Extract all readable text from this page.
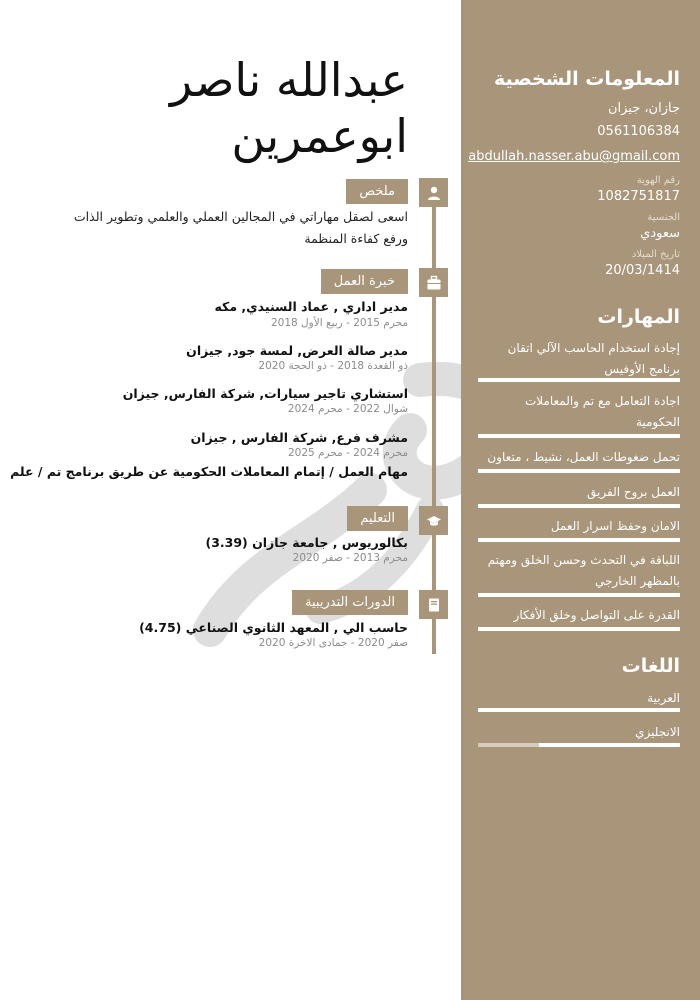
المعلومات الشخصية
جازان، جيزان
0561106384
abdullah.nasser.abu@gmail.com
رقم الهوية
1082751817
الجنسية
سعودي
تاريخ الميلاد
20/03/1414
المهارات
إجادة استخدام الحاسب الآلي اتقان برنامج الأوفيس
اجادة التعامل مع تم والمعاملات الحكومية
تحمل ضغوطات العمل، نشيط ، متعاون
العمل بروح الفريق
الامان وحفظ اسرار العمل
اللباقة في التحدث وحسن الخلق ومهتم بالمظهر الخارجي
القدرة على التواصل وخلق الأفكار
اللغات
العربية
الانجليزي
عبدالله ناصر
ابوعمرين
ملخص
اسعى لصقل مهاراتي في المجالين العملي والعلمي وتطوير الذات ورفع كفاءة المنظمة
خبرة العمل
مدير اداري , عماد السنيدي, مكه
محرم 2015 - ربيع الأول 2018
مدير صالة العرض, لمسة جود, جيزان
ذو القعدة 2018 - ذو الحجة 2020
استشاري تاجير سيارات, شركة الفارس, جيزان
شوال 2022 - محرم 2024
مشرف فرع, شركة الفارس , جيزان
محرم 2024 - محرم 2025
مهام العمل / إتمام المعاملات الحكومية عن طريق برنامج تم / علم
التعليم
بكالوريوس , جامعة جازان (3.39)
محرم 2013 - صفر 2020
الدورات التدريبية
حاسب الي , المعهد الثانوي الصناعي (4.75)
صفر 2020 - جمادى الاخرة 2020
